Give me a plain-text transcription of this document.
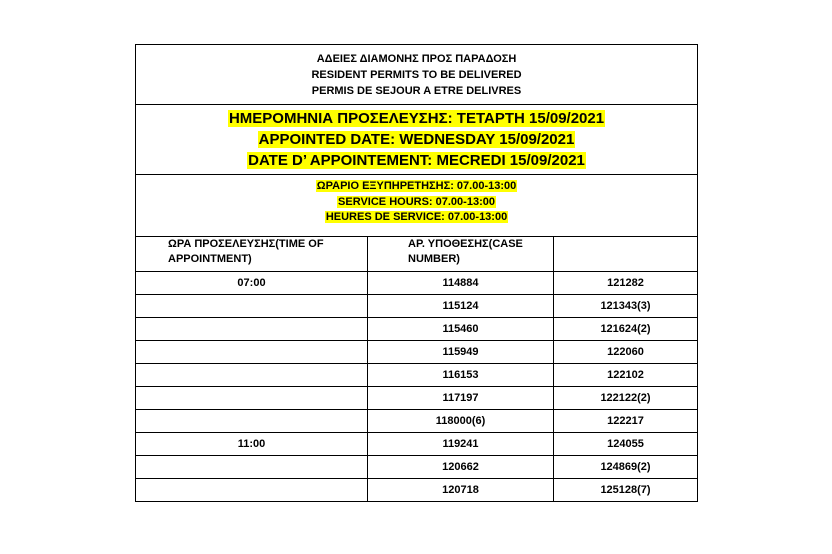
ΑΔΕΙΕΣ ΔΙΑΜΟΝΗΣ ΠΡΟΣ ΠΑΡΑΔΟΣΗ
RESIDENT PERMITS TO BE DELIVERED
PERMIS DE SEJOUR A ETRE DELIVRES		

ΗΜΕΡΟΜΗΝΙΑ ΠΡΟΣΕΛΕΥΣΗΣ: ΤΕΤΑΡΤΗ 15/09/2021
APPOINTED DATE: WEDNESDAY 15/09/2021
DATE D’ APPOINTEMENT: MECREDI 15/09/2021		

ΩΡΑΡΙΟ ΕΞΥΠΗΡΕΤΗΣΗΣ: 07.00-13:00
SERVICE HOURS: 07.00-13:00
HEURES DE SERVICE: 07.00-13:00		

ΩΡΑ ΠΡΟΣΕΛΕΥΣΗΣ(TIME OF APPOINTMENT)	ΑΡ. ΥΠΟΘΕΣΗΣ(CASE NUMBER)	
07:00	114884	121282
	115124	121343(3)
	115460	121624(2)
	115949	122060
	116153	122102
	117197	122122(2)
	118000(6)	122217
11:00	119241	124055
	120662	124869(2)
	120718	125128(7)
